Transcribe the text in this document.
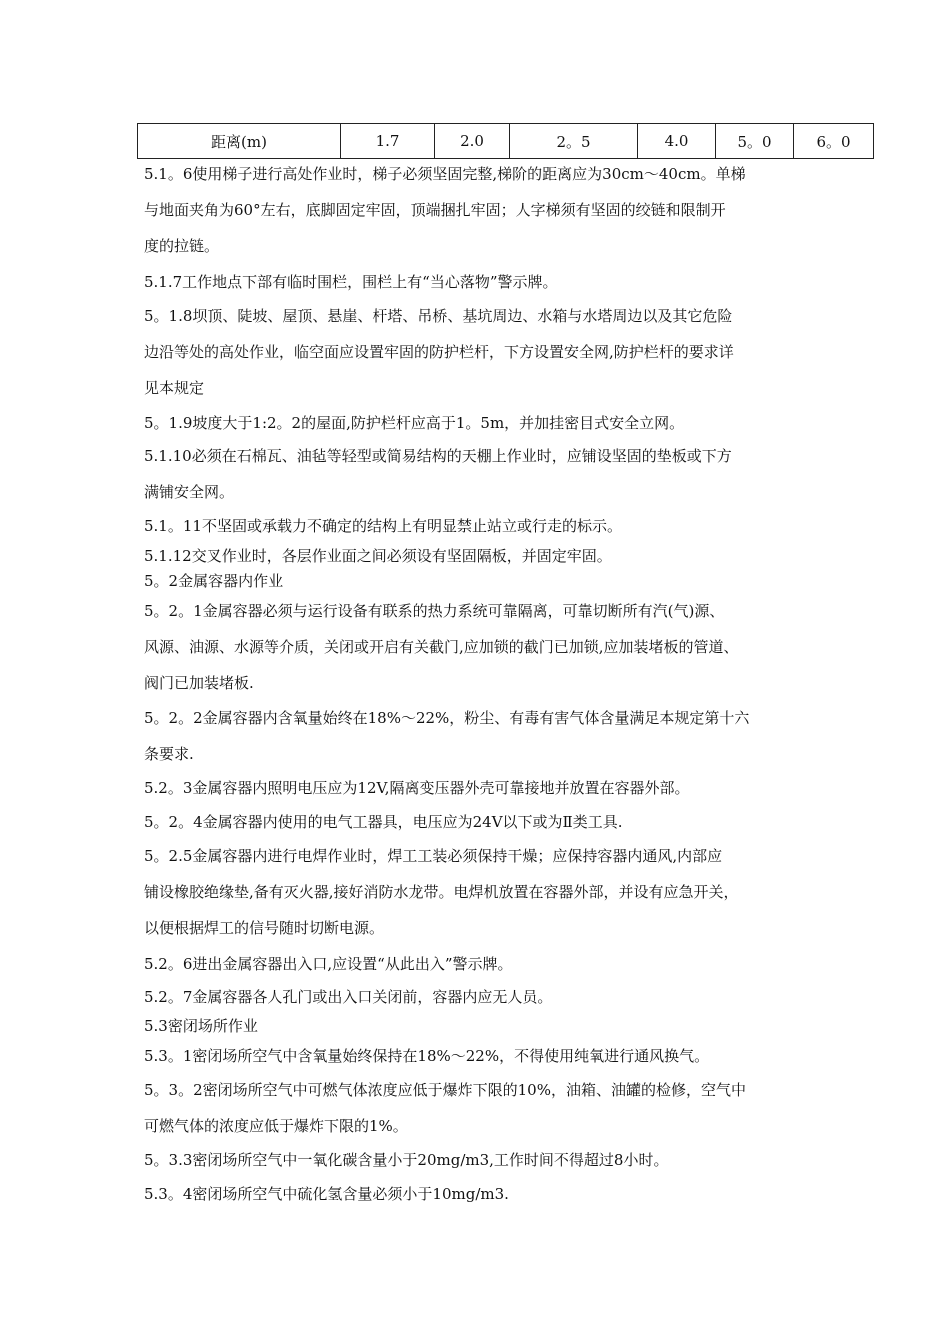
距离(m)	1.7	2.0	2。5	4.0	5。0	6。0

5.1。6使用梯子进行高处作业时，梯子必须坚固完整,梯阶的距离应为30cm～40cm。单梯
与地面夹角为60°左右，底脚固定牢固，顶端捆扎牢固；人字梯须有坚固的绞链和限制开
度的拉链。

5.1.7工作地点下部有临时围栏，围栏上有“当心落物”警示牌。

5。1.8坝顶、陡坡、屋顶、悬崖、杆塔、吊桥、基坑周边、水箱与水塔周边以及其它危险
边沿等处的高处作业，临空面应设置牢固的防护栏杆，下方设置安全网,防护栏杆的要求详
见本规定

5。1.9坡度大于1:2。2的屋面,防护栏杆应高于1。5m，并加挂密目式安全立网。

5.1.10必须在石棉瓦、油毡等轻型或简易结构的天棚上作业时，应铺设坚固的垫板或下方
满铺安全网。

5.1。11不坚固或承载力不确定的结构上有明显禁止站立或行走的标示。

5.1.12交叉作业时，各层作业面之间必须设有坚固隔板，并固定牢固。

5。2金属容器内作业

5。2。1金属容器必须与运行设备有联系的热力系统可靠隔离，可靠切断所有汽(气)源、
风源、油源、水源等介质，关闭或开启有关截门,应加锁的截门已加锁,应加装堵板的管道、
阀门已加装堵板.

5。2。2金属容器内含氧量始终在18%～22%，粉尘、有毒有害气体含量满足本规定第十六
条要求.

5.2。3金属容器内照明电压应为12V,隔离变压器外壳可靠接地并放置在容器外部。

5。2。4金属容器内使用的电气工器具，电压应为24V以下或为Ⅱ类工具.

5。2.5金属容器内进行电焊作业时，焊工工装必须保持干燥；应保持容器内通风,内部应
铺设橡胶绝缘垫,备有灭火器,接好消防水龙带。电焊机放置在容器外部，并设有应急开关，
以便根据焊工的信号随时切断电源。

5.2。6进出金属容器出入口,应设置“从此出入”警示牌。

5.2。7金属容器各人孔门或出入口关闭前，容器内应无人员。

5.3密闭场所作业

5.3。1密闭场所空气中含氧量始终保持在18%～22%，不得使用纯氧进行通风换气。

5。3。2密闭场所空气中可燃气体浓度应低于爆炸下限的10%，油箱、油罐的检修，空气中
可燃气体的浓度应低于爆炸下限的1%。

5。3.3密闭场所空气中一氧化碳含量小于20mg/m3,工作时间不得超过8小时。

5.3。4密闭场所空气中硫化氢含量必须小于10mg/m3.
